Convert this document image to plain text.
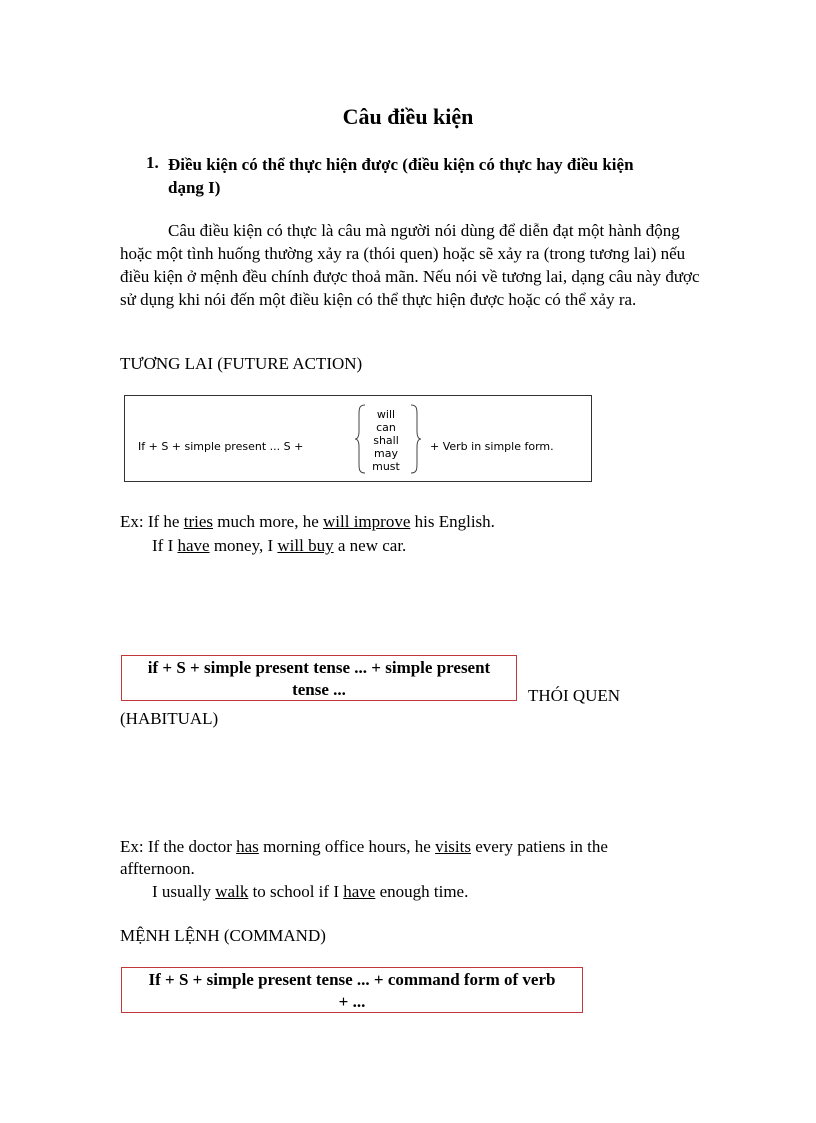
Câu điều kiện
1. Điều kiện có thể thực hiện được (điều kiện có thực hay điều kiện
dạng I)
Câu điều kiện có thực là câu mà người nói dùng để diễn đạt một hành động hoặc một tình huống thường xảy ra (thói quen) hoặc sẽ xảy ra (trong tương lai) nếu điều kiện ở mệnh đều chính được thoả mãn. Nếu nói về tương lai, dạng câu này được sử dụng khi nói đến một điều kiện có thể thực hiện được hoặc có thể xảy ra.
TƯƠNG LAI (FUTURE ACTION)
If + S + simple present ... S +
will
can
shall
may
must
+ Verb in simple form.
Ex: If he tries much more, he will improve his English.
If I have money, I will buy a new car.
if + S + simple present tense ... + simple present
tense ...	THÓI QUEN
(HABITUAL)
Ex: If the doctor has morning office hours, he visits every patiens in the
affternoon.
I usually walk to school if I have enough time.
MỆNH LỆNH (COMMAND)
If + S + simple present tense ... + command form of verb
+ ...
